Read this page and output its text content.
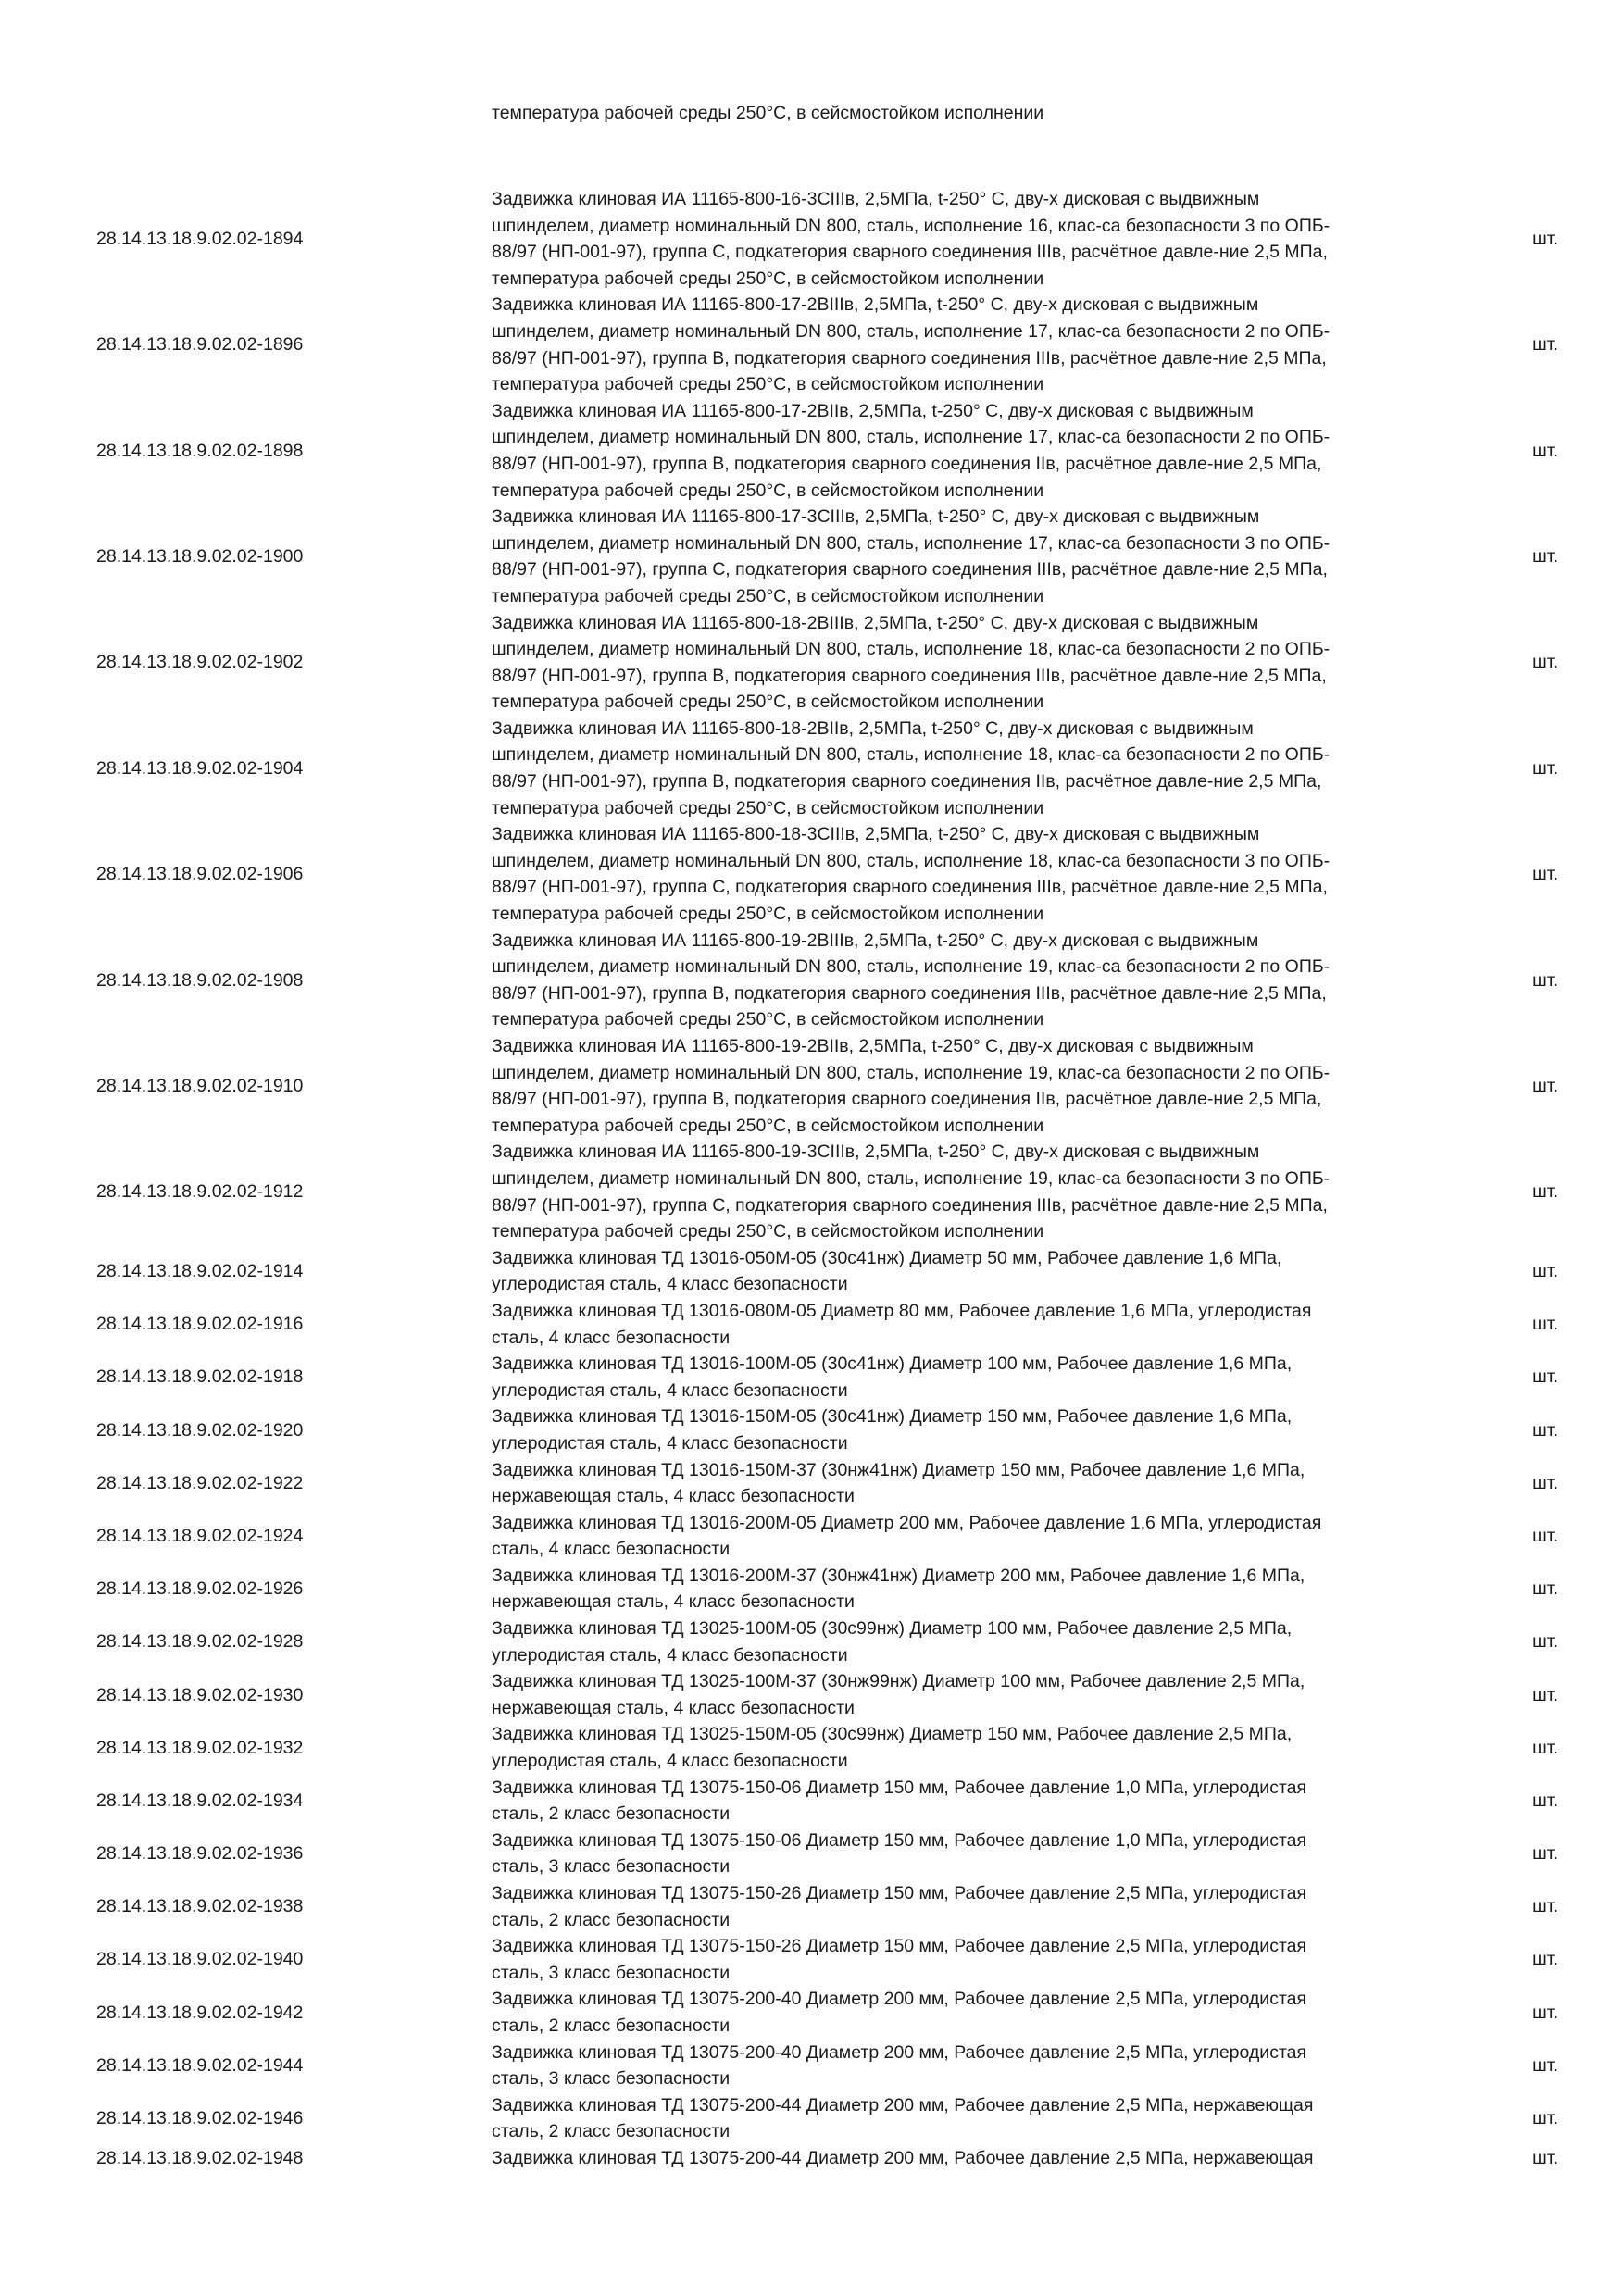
температура рабочей среды 250°С, в сейсмостойком исполнении
28.14.13.18.9.02.02-1894	Задвижка клиновая ИА 11165-800-16-3СIIIв, 2,5МПа, t-250° С, дву-х дисковая с выдвижным
шпинделем, диаметр номинальный DN 800, сталь, исполнение 16, клас-са безопасности 3 по ОПБ-
88/97 (НП-001-97), группа С, подкатегория сварного соединения IIIв, расчётное давле-ние 2,5 МПа,
температура рабочей среды 250°С, в сейсмостойком исполнении	шт.
28.14.13.18.9.02.02-1896	Задвижка клиновая ИА 11165-800-17-2ВIIIв, 2,5МПа, t-250° С, дву-х дисковая с выдвижным
шпинделем, диаметр номинальный DN 800, сталь, исполнение 17, клас-са безопасности 2 по ОПБ-
88/97 (НП-001-97), группа В, подкатегория сварного соединения IIIв, расчётное давле-ние 2,5 МПа,
температура рабочей среды 250°С, в сейсмостойком исполнении	шт.
28.14.13.18.9.02.02-1898	Задвижка клиновая ИА 11165-800-17-2ВIIв, 2,5МПа, t-250° С, дву-х дисковая с выдвижным
шпинделем, диаметр номинальный DN 800, сталь, исполнение 17, клас-са безопасности 2 по ОПБ-
88/97 (НП-001-97), группа В, подкатегория сварного соединения IIв, расчётное давле-ние 2,5 МПа,
температура рабочей среды 250°С, в сейсмостойком исполнении	шт.
28.14.13.18.9.02.02-1900	Задвижка клиновая ИА 11165-800-17-3СIIIв, 2,5МПа, t-250° С, дву-х дисковая с выдвижным
шпинделем, диаметр номинальный DN 800, сталь, исполнение 17, клас-са безопасности 3 по ОПБ-
88/97 (НП-001-97), группа С, подкатегория сварного соединения IIIв, расчётное давле-ние 2,5 МПа,
температура рабочей среды 250°С, в сейсмостойком исполнении	шт.
28.14.13.18.9.02.02-1902	Задвижка клиновая ИА 11165-800-18-2ВIIIв, 2,5МПа, t-250° С, дву-х дисковая с выдвижным
шпинделем, диаметр номинальный DN 800, сталь, исполнение 18, клас-са безопасности 2 по ОПБ-
88/97 (НП-001-97), группа В, подкатегория сварного соединения IIIв, расчётное давле-ние 2,5 МПа,
температура рабочей среды 250°С, в сейсмостойком исполнении	шт.
28.14.13.18.9.02.02-1904	Задвижка клиновая ИА 11165-800-18-2ВIIв, 2,5МПа, t-250° С, дву-х дисковая с выдвижным
шпинделем, диаметр номинальный DN 800, сталь, исполнение 18, клас-са безопасности 2 по ОПБ-
88/97 (НП-001-97), группа В, подкатегория сварного соединения IIв, расчётное давле-ние 2,5 МПа,
температура рабочей среды 250°С, в сейсмостойком исполнении	шт.
28.14.13.18.9.02.02-1906	Задвижка клиновая ИА 11165-800-18-3СIIIв, 2,5МПа, t-250° С, дву-х дисковая с выдвижным
шпинделем, диаметр номинальный DN 800, сталь, исполнение 18, клас-са безопасности 3 по ОПБ-
88/97 (НП-001-97), группа С, подкатегория сварного соединения IIIв, расчётное давле-ние 2,5 МПа,
температура рабочей среды 250°С, в сейсмостойком исполнении	шт.
28.14.13.18.9.02.02-1908	Задвижка клиновая ИА 11165-800-19-2ВIIIв, 2,5МПа, t-250° С, дву-х дисковая с выдвижным
шпинделем, диаметр номинальный DN 800, сталь, исполнение 19, клас-са безопасности 2 по ОПБ-
88/97 (НП-001-97), группа В, подкатегория сварного соединения IIIв, расчётное давле-ние 2,5 МПа,
температура рабочей среды 250°С, в сейсмостойком исполнении	шт.
28.14.13.18.9.02.02-1910	Задвижка клиновая ИА 11165-800-19-2ВIIв, 2,5МПа, t-250° С, дву-х дисковая с выдвижным
шпинделем, диаметр номинальный DN 800, сталь, исполнение 19, клас-са безопасности 2 по ОПБ-
88/97 (НП-001-97), группа В, подкатегория сварного соединения IIв, расчётное давле-ние 2,5 МПа,
температура рабочей среды 250°С, в сейсмостойком исполнении	шт.
28.14.13.18.9.02.02-1912	Задвижка клиновая ИА 11165-800-19-3СIIIв, 2,5МПа, t-250° С, дву-х дисковая с выдвижным
шпинделем, диаметр номинальный DN 800, сталь, исполнение 19, клас-са безопасности 3 по ОПБ-
88/97 (НП-001-97), группа С, подкатегория сварного соединения IIIв, расчётное давле-ние 2,5 МПа,
температура рабочей среды 250°С, в сейсмостойком исполнении	шт.
28.14.13.18.9.02.02-1914	Задвижка клиновая ТД 13016-050М-05 (30с41нж) Диаметр 50 мм, Рабочее давление 1,6 МПа,
углеродистая сталь, 4 класс безопасности	шт.
28.14.13.18.9.02.02-1916	Задвижка клиновая ТД 13016-080М-05 Диаметр 80 мм, Рабочее давление 1,6 МПа, углеродистая
сталь, 4 класс безопасности	шт.
28.14.13.18.9.02.02-1918	Задвижка клиновая ТД 13016-100М-05 (30с41нж) Диаметр 100 мм, Рабочее давление 1,6 МПа,
углеродистая сталь, 4 класс безопасности	шт.
28.14.13.18.9.02.02-1920	Задвижка клиновая ТД 13016-150М-05 (30с41нж) Диаметр 150 мм, Рабочее давление 1,6 МПа,
углеродистая сталь, 4 класс безопасности	шт.
28.14.13.18.9.02.02-1922	Задвижка клиновая ТД 13016-150М-37 (30нж41нж) Диаметр 150 мм, Рабочее давление 1,6 МПа,
нержавеющая сталь, 4 класс безопасности	шт.
28.14.13.18.9.02.02-1924	Задвижка клиновая ТД 13016-200М-05 Диаметр 200 мм, Рабочее давление 1,6 МПа, углеродистая
сталь, 4 класс безопасности	шт.
28.14.13.18.9.02.02-1926	Задвижка клиновая ТД 13016-200М-37 (30нж41нж) Диаметр 200 мм, Рабочее давление 1,6 МПа,
нержавеющая сталь, 4 класс безопасности	шт.
28.14.13.18.9.02.02-1928	Задвижка клиновая ТД 13025-100М-05 (30с99нж) Диаметр 100 мм, Рабочее давление 2,5 МПа,
углеродистая сталь, 4 класс безопасности	шт.
28.14.13.18.9.02.02-1930	Задвижка клиновая ТД 13025-100М-37 (30нж99нж) Диаметр 100 мм, Рабочее давление 2,5 МПа,
нержавеющая сталь, 4 класс безопасности	шт.
28.14.13.18.9.02.02-1932	Задвижка клиновая ТД 13025-150М-05 (30с99нж) Диаметр 150 мм, Рабочее давление 2,5 МПа,
углеродистая сталь, 4 класс безопасности	шт.
28.14.13.18.9.02.02-1934	Задвижка клиновая ТД 13075-150-06 Диаметр 150 мм, Рабочее давление 1,0 МПа, углеродистая
сталь, 2 класс безопасности	шт.
28.14.13.18.9.02.02-1936	Задвижка клиновая ТД 13075-150-06 Диаметр 150 мм, Рабочее давление 1,0 МПа, углеродистая
сталь, 3 класс безопасности	шт.
28.14.13.18.9.02.02-1938	Задвижка клиновая ТД 13075-150-26 Диаметр 150 мм, Рабочее давление 2,5 МПа, углеродистая
сталь, 2 класс безопасности	шт.
28.14.13.18.9.02.02-1940	Задвижка клиновая ТД 13075-150-26 Диаметр 150 мм, Рабочее давление 2,5 МПа, углеродистая
сталь, 3 класс безопасности	шт.
28.14.13.18.9.02.02-1942	Задвижка клиновая ТД 13075-200-40 Диаметр 200 мм, Рабочее давление 2,5 МПа, углеродистая
сталь, 2 класс безопасности	шт.
28.14.13.18.9.02.02-1944	Задвижка клиновая ТД 13075-200-40 Диаметр 200 мм, Рабочее давление 2,5 МПа, углеродистая
сталь, 3 класс безопасности	шт.
28.14.13.18.9.02.02-1946	Задвижка клиновая ТД 13075-200-44 Диаметр 200 мм, Рабочее давление 2,5 МПа, нержавеющая
сталь, 2 класс безопасности	шт.
28.14.13.18.9.02.02-1948	Задвижка клиновая ТД 13075-200-44 Диаметр 200 мм, Рабочее давление 2,5 МПа, нержавеющая	шт.
